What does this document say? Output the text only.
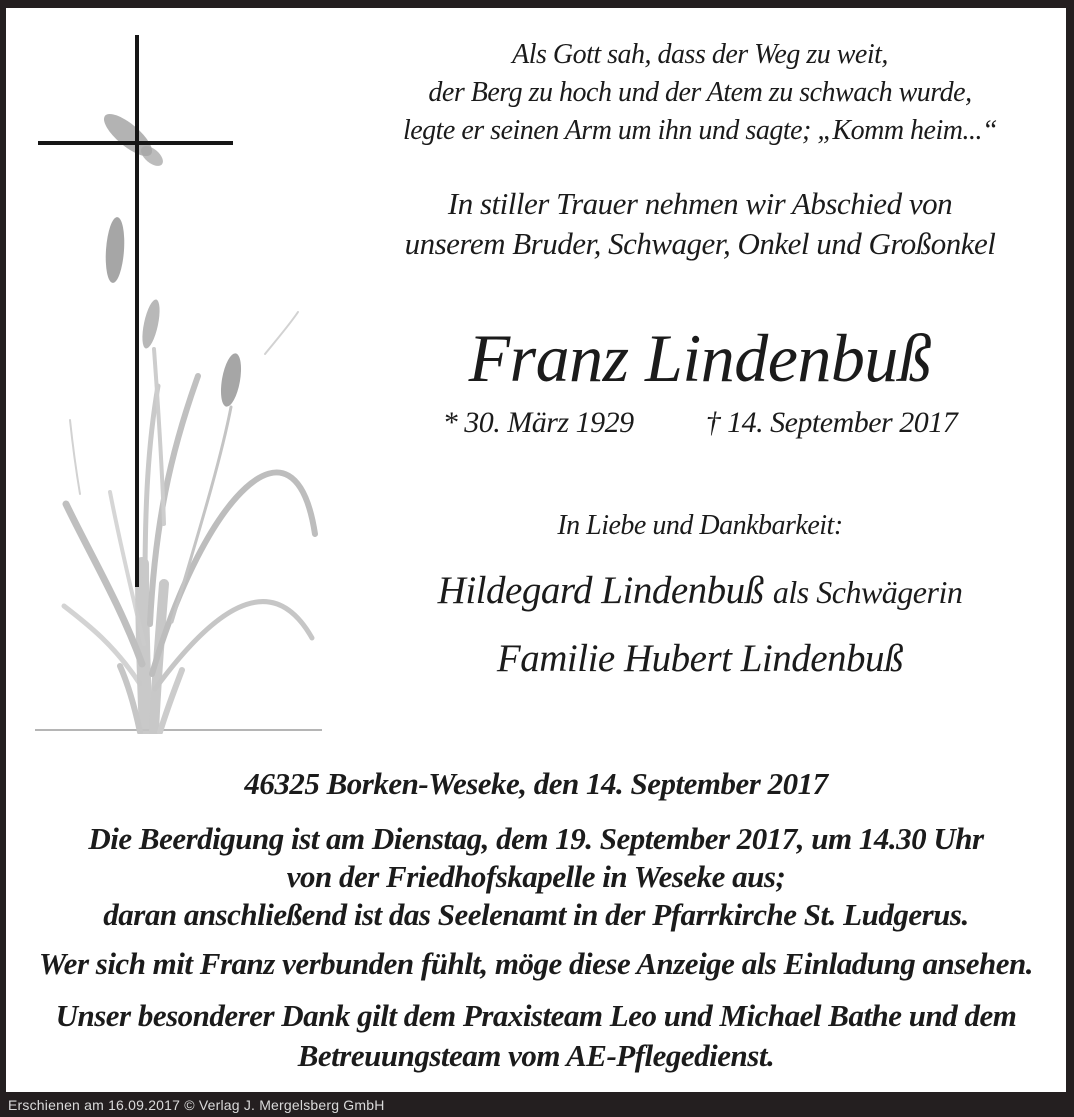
Als Gott sah, dass der Weg zu weit,
der Berg zu hoch und der Atem zu schwach wurde,
legte er seinen Arm um ihn und sagte; „Komm heim...“
In stiller Trauer nehmen wir Abschied von
unserem Bruder, Schwager, Onkel und Großonkel
Franz Lindenbuß
* 30. März 1929 † 14. September 2017
In Liebe und Dankbarkeit:
Hildegard Lindenbuß als Schwägerin
Familie Hubert Lindenbuß
46325 Borken-Weseke, den 14. September 2017
Die Beerdigung ist am Dienstag, dem 19. September 2017, um 14.30 Uhr
von der Friedhofskapelle in Weseke aus;
daran anschließend ist das Seelenamt in der Pfarrkirche St. Ludgerus.
Wer sich mit Franz verbunden fühlt, möge diese Anzeige als Einladung ansehen.
Unser besonderer Dank gilt dem Praxisteam Leo und Michael Bathe und dem
Betreuungsteam vom AE-Pflegedienst.
Erschienen am 16.09.2017 © Verlag J. Mergelsberg GmbH
